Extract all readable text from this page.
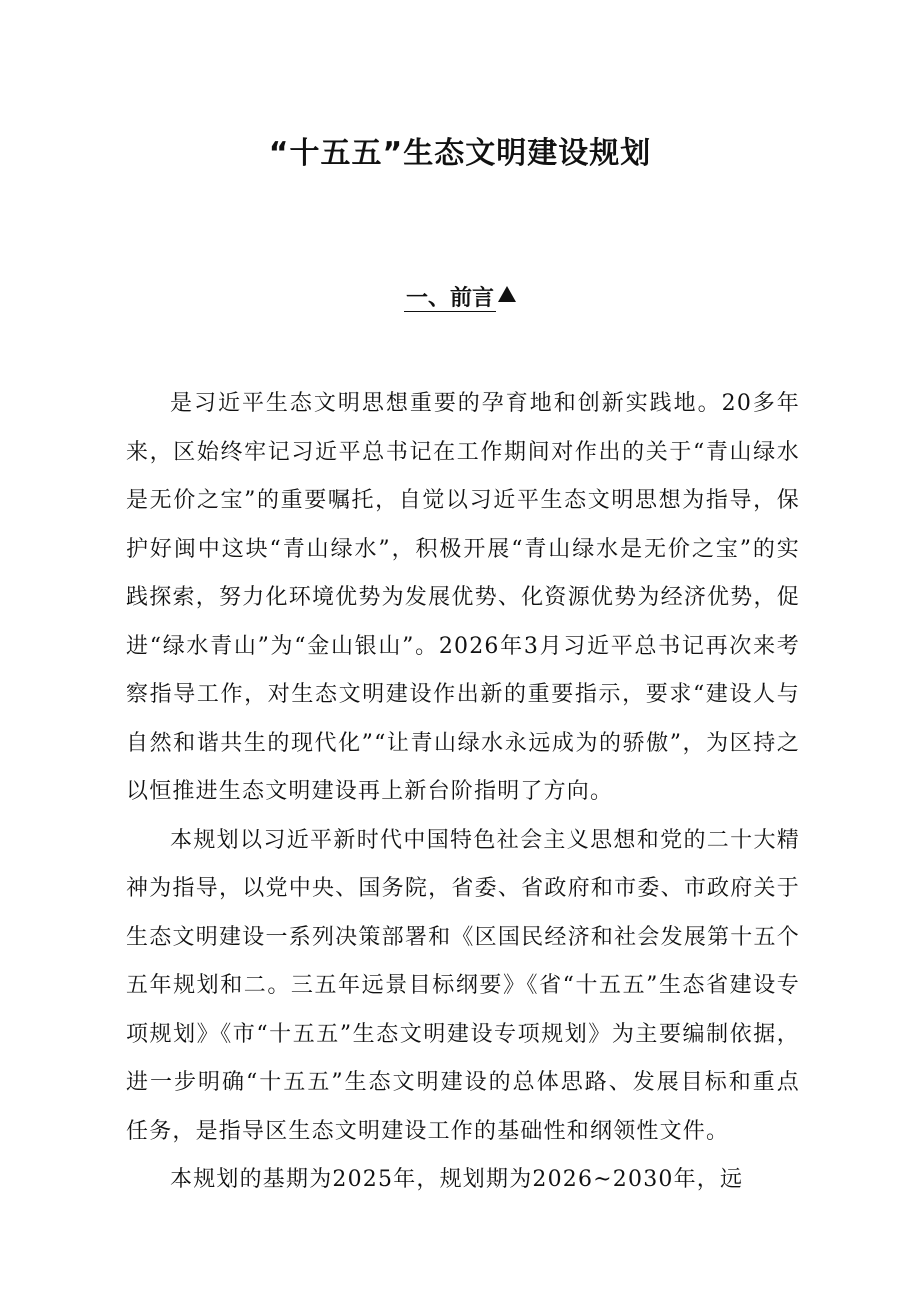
“十五五”生态文明建设规划
一、前言

是习近平生态文明思想重要的孕育地和创新实践地。20多年来，区始终牢记习近平总书记在工作期间对作出的关于“青山绿水是无价之宝”的重要嘱托，自觉以习近平生态文明思想为指导，保护好闽中这块“青山绿水”，积极开展“青山绿水是无价之宝”的实践探索，努力化环境优势为发展优势、化资源优势为经济优势，促进“绿水青山”为“金山银山”。2026年3月习近平总书记再次来考察指导工作，对生态文明建设作出新的重要指示，要求“建设人与自然和谐共生的现代化”“让青山绿水永远成为的骄傲”，为区持之以恒推进生态文明建设再上新台阶指明了方向。

本规划以习近平新时代中国特色社会主义思想和党的二十大精神为指导，以党中央、国务院，省委、省政府和市委、市政府关于生态文明建设一系列决策部署和《区国民经济和社会发展第十五个五年规划和二。三五年远景目标纲要》《省“十五五”生态省建设专项规划》《市“十五五”生态文明建设专项规划》为主要编制依据，进一步明确“十五五”生态文明建设的总体思路、发展目标和重点任务，是指导区生态文明建设工作的基础性和纲领性文件。

本规划的基期为2025年，规划期为2026~2030年，远
